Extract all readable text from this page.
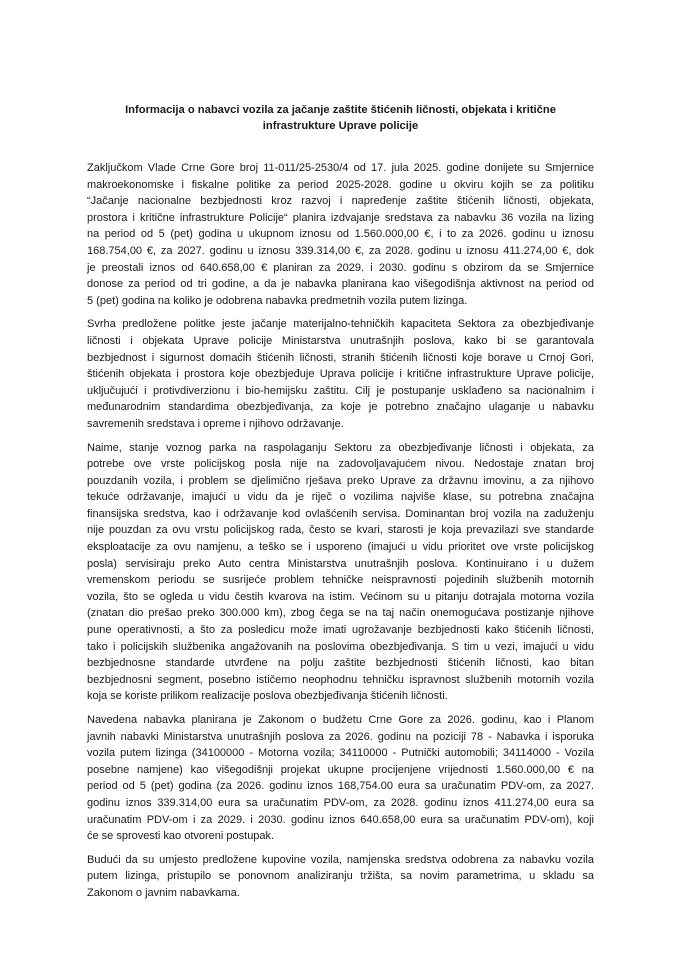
Informacija o nabavci vozila za jačanje zaštite štićenih ličnosti, objekata i kritične
infrastrukture Uprave policije
Zaključkom Vlade Crne Gore broj 11-011/25-2530/4 od 17. jula 2025. godine donijete su Smjernice
makroekonomske i fiskalne politike za period 2025-2028. godine u okviru kojih se za politiku
“Jačanje nacionalne bezbjednosti kroz razvoj i napređenje zaštite štićenih ličnosti, objekata,
prostora i kritične infrastrukture Policije“ planira izdvajanje sredstava za nabavku 36 vozila na lizing
na period od 5 (pet) godina u ukupnom iznosu od 1.560.000,00 €, i to za 2026. godinu u iznosu
168.754,00 €, za 2027. godinu u iznosu 339.314,00 €, za 2028. godinu u iznosu 411.274,00 €, dok
je preostali iznos od 640.658,00 € planiran za 2029. i 2030. godinu s obzirom da se Smjernice
donose za period od tri godine, a da je nabavka planirana kao višegodišnja aktivnost na period od
5 (pet) godina na koliko je odobrena nabavka predmetnih vozila putem lizinga.
Svrha predložene politke jeste jačanje materijalno-tehničkih kapaciteta Sektora za obezbjeđivanje
ličnosti i objekata Uprave policije Ministarstva unutrašnjih poslova, kako bi se garantovala
bezbjednost i sigurnost domaćih štićenih ličnosti, stranih štićenih ličnosti koje borave u Crnoj Gori,
štićenih objekata i prostora koje obezbjeđuje Uprava policije i kritične infrastrukture Uprave policije,
uključujući i protivdiverzionu i bio-hemijsku zaštitu. Cilj je postupanje usklađeno sa nacionalnim i
međunarodnim standardima obezbjeđivanja, za koje je potrebno značajno ulaganje u nabavku
savremenih sredstava i opreme i njihovo održavanje.
Naime, stanje voznog parka na raspolaganju Sektoru za obezbjeđivanje ličnosti i objekata, za
potrebe ove vrste policijskog posla nije na zadovoljavajućem nivou. Nedostaje znatan broj
pouzdanih vozila, i problem se djelimično rješava preko Uprave za državnu imovinu, a za njihovo
tekuće održavanje, imajući u vidu da je riječ o vozilima najviše klase, su potrebna značajna
finansijska sredstva, kao i održavanje kod ovlašćenih servisa. Dominantan broj vozila na zaduženju
nije pouzdan za ovu vrstu policijskog rada, često se kvari, starosti je koja prevazilazi sve standarde
eksploatacije za ovu namjenu, a teško se i usporeno (imajući u vidu prioritet ove vrste policijskog
posla) servisiraju preko Auto centra Ministarstva unutrašnjih poslova. Kontinuirano i u dužem
vremenskom periodu se susrijeće problem tehničke neispravnosti pojedinih službenih motornih
vozila, što se ogleda u vidu čestih kvarova na istim. Većinom su u pitanju dotrajala motorna vozila
(znatan dio prešao preko 300.000 km), zbog čega se na taj način onemogućava postizanje njihove
pune operativnosti, a što za posledicu može imati ugrožavanje bezbjednosti kako štićenih ličnosti,
tako i policijskih službenika angažovanih na poslovima obezbjeđivanja. S tim u vezi, imajući u vidu
bezbjednosne standarde utvrđene na polju zaštite bezbjednosti štićenih ličnosti, kao bitan
bezbjednosni segment, posebno ističemo neophodnu tehničku ispravnost službenih motornih vozila
koja se koriste prilikom realizacije poslova obezbjeđivanja štićenih ličnosti.
Navedena nabavka planirana je Zakonom o budžetu Crne Gore za 2026. godinu, kao i Planom
javnih nabavki Ministarstva unutrašnjih poslova za 2026. godinu na poziciji 78 - Nabavka i isporuka
vozila putem lizinga (34100000 - Motorna vozila; 34110000 - Putnički automobili; 34114000 - Vozila
posebne namjene) kao višegodišnji projekat ukupne procijenjene vrijednosti 1.560.000,00 € na
period od 5 (pet) godina (za 2026. godinu iznos 168,754.00 eura sa uračunatim PDV-om, za 2027.
godinu iznos 339.314,00 eura sa uračunatim PDV-om, za 2028. godinu iznos 411.274,00 eura sa
uračunatim PDV-om i za 2029. i 2030. godinu iznos 640.658,00 eura sa uračunatim PDV-om), koji
će se sprovesti kao otvoreni postupak.
Budući da su umjesto predložene kupovine vozila, namjenska sredstva odobrena za nabavku vozila
putem lizinga, pristupilo se ponovnom analiziranju tržišta, sa novim parametrima, u skladu sa
Zakonom o javnim nabavkama.
